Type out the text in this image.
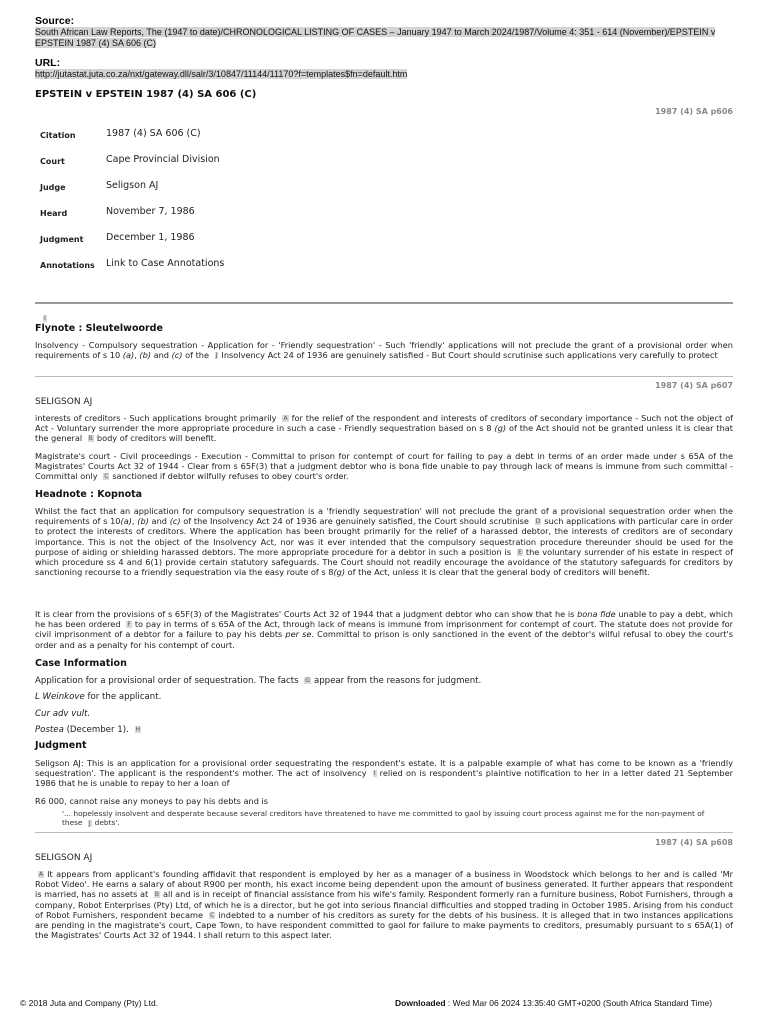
Source:
South African Law Reports, The (1947 to date)/CHRONOLOGICAL LISTING OF CASES – January 1947 to March 2024/1987/Volume 4: 351 - 614 (November)/EPSTEIN v EPSTEIN 1987 (4) SA 606 (C)
URL:
http://jutastat.juta.co.za/nxt/gateway.dll/salr/3/10847/11144/11170?f=templates$fn=default.htm
EPSTEIN v EPSTEIN 1987 (4) SA 606 (C)
1987 (4) SA p606
Citation	1987 (4) SA 606 (C)
Court	Cape Provincial Division
Judge	Seligson AJ
Heard	November 7, 1986
Judgment	December 1, 1986
Annotations	Link to Case Annotations
I
Flynote : Sleutelwoorde
Insolvency - Compulsory sequestration - Application for - 'Friendly sequestration' - Such 'friendly' applications will not preclude the grant of a provisional order when requirements of s 10 (a), (b) and (c) of the J Insolvency Act 24 of 1936 are genuinely satisfied - But Court should scrutinise such applications very carefully to protect
1987 (4) SA p607
SELIGSON AJ
interests of creditors - Such applications brought primarily A for the relief of the respondent and interests of creditors of secondary importance - Such not the object of Act - Voluntary surrender the more appropriate procedure in such a case - Friendly sequestration based on s 8 (g) of the Act should not be granted unless it is clear that the general B body of creditors will benefit.
Magistrate's court - Civil proceedings - Execution - Committal to prison for contempt of court for failing to pay a debt in terms of an order made under s 65A of the Magistrates' Courts Act 32 of 1944 - Clear from s 65F(3) that a judgment debtor who is bona fide unable to pay through lack of means is immune from such committal - Committal only C sanctioned if debtor wilfully refuses to obey court's order.
Headnote : Kopnota
Whilst the fact that an application for compulsory sequestration is a 'friendly sequestration' will not preclude the grant of a provisional sequestration order when the requirements of s 10(a), (b) and (c) of the Insolvency Act 24 of 1936 are genuinely satisfied, the Court should scrutinise D such applications with particular care in order to protect the interests of creditors. Where the application has been brought primarily for the relief of a harassed debtor, the interests of creditors are of secondary importance. This is not the object of the Insolvency Act, nor was it ever intended that the compulsory sequestration procedure thereunder should be used for the purpose of aiding or shielding harassed debtors. The more appropriate procedure for a debtor in such a position is E the voluntary surrender of his estate in respect of which procedure ss 4 and 6(1) provide certain statutory safeguards. The Court should not readily encourage the avoidance of the statutory safeguards for creditors by sanctioning recourse to a friendly sequestration via the easy route of s 8(g) of the Act, unless it is clear that the general body of creditors will benefit.
It is clear from the provisions of s 65F(3) of the Magistrates' Courts Act 32 of 1944 that a judgment debtor who can show that he is bona fide unable to pay a debt, which he has been ordered F to pay in terms of s 65A of the Act, through lack of means is immune from imprisonment for contempt of court. The statute does not provide for civil imprisonment of a debtor for a failure to pay his debts per se. Committal to prison is only sanctioned in the event of the debtor's wilful refusal to obey the court's order and as a penalty for his contempt of court.
Case Information
Application for a provisional order of sequestration. The facts G appear from the reasons for judgment.
L Weinkove for the applicant.
Cur adv vult.
Postea (December 1). H
Judgment
Seligson AJ: This is an application for a provisional order sequestrating the respondent's estate. It is a palpable example of what has come to be known as a 'friendly sequestration'. The applicant is the respondent's mother. The act of insolvency I relied on is respondent's plaintive notification to her in a letter dated 21 September 1986 that he is unable to repay to her a loan of
R6 000, cannot raise any moneys to pay his debts and is
'... hopelessly insolvent and desperate because several creditors have threatened to have me committed to gaol by issuing court process against me for the non-payment of these J debts'.
1987 (4) SA p608
SELIGSON AJ
A It appears from applicant's founding affidavit that respondent is employed by her as a manager of a business in Woodstock which belongs to her and is called 'Mr Robot Video'. He earns a salary of about R900 per month, his exact income being dependent upon the amount of business generated. It further appears that respondent is married, has no assets at B all and is in receipt of financial assistance from his wife's family. Respondent formerly ran a furniture business, Robot Furnishers, through a company, Robot Enterprises (Pty) Ltd, of which he is a director, but he got into serious financial difficulties and stopped trading in October 1985. Arising from his conduct of Robot Furnishers, respondent became C indebted to a number of his creditors as surety for the debts of his business. It is alleged that in two instances applications are pending in the magistrate's court, Cape Town, to have respondent committed to gaol for failure to make payments to creditors, presumably pursuant to s 65A(1) of the Magistrates' Courts Act 32 of 1944. I shall return to this aspect later.
© 2018 Juta and Company (Pty) Ltd.	Downloaded : Wed Mar 06 2024 13:35:40 GMT+0200 (South Africa Standard Time)
